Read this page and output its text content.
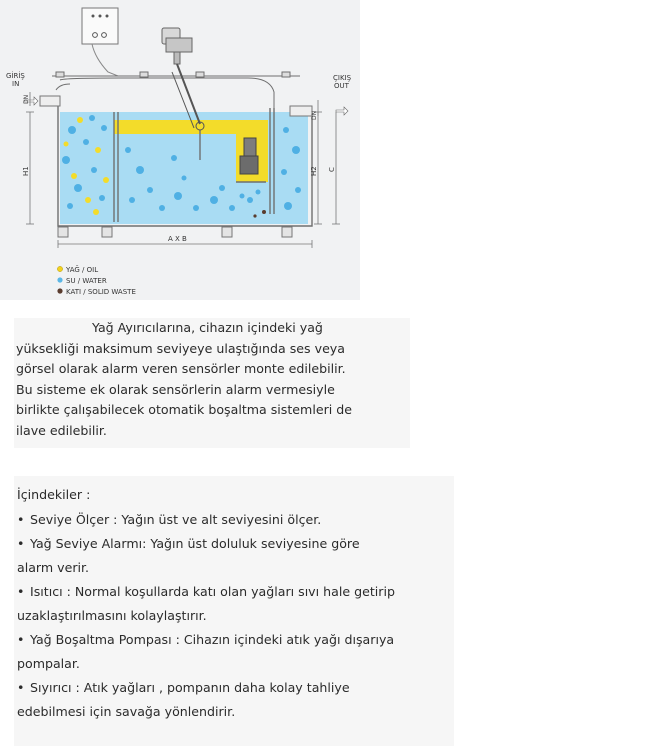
GİRİŞ
IN
ÇIKIŞ
OUT
DN
DN
H1	H2 C
A X B
YAĞ / OIL
SU / WATER
KATI / SOLID WASTE

Yağ Ayırıcılarına, cihazın içindeki yağ
yüksekliği maksimum seviyeye ulaştığında ses veya
görsel olarak alarm veren sensörler monte edilebilir.
Bu sisteme ek olarak sensörlerin alarm vermesiyle
birlikte çalışabilecek otomatik boşaltma sistemleri de
ilave edilebilir.

İçindekiler :
• Seviye Ölçer : Yağın üst ve alt seviyesini ölçer.
• Yağ Seviye Alarmı: Yağın üst doluluk seviyesine göre
alarm verir.
• Isıtıcı : Normal koşullarda katı olan yağları sıvı hale getirip
uzaklaştırılmasını kolaylaştırır.
• Yağ Boşaltma Pompası : Cihazın içindeki atık yağı dışarıya
pompalar.
• Sıyırıcı : Atık yağları , pompanın daha kolay tahliye
edebilmesi için savağa yönlendirir.
